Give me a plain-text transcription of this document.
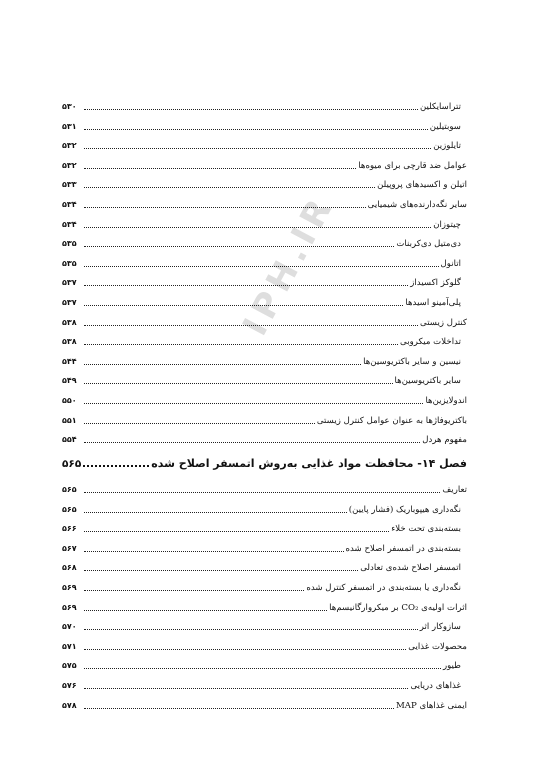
تتراسایکلین
۵۳۰
سوبتیلین
۵۳۱
تایلوزین
۵۳۲
عوامل ضد قارچی برای میوه‌ها
۵۳۲
اتیلن و اکسیدهای پروپیلن
۵۳۳
سایر نگه‌دارنده‌های شیمیایی
۵۳۴
چیتوزان
۵۳۴
دی‌متیل دی‌کربنات
۵۳۵
اتانول
۵۳۵
گلوکز اکسیداز
۵۳۷
پلی‌آمینو اسیدها
۵۳۷
کنترل زیستی
۵۳۸
تداخلات میکروبی
۵۳۸
نیسین و سایر باکتریوسین‌ها
۵۴۴
سایر باکتریوسین‌ها
۵۴۹
اندولایزین‌ها
۵۵۰
باکتریوفاژها به عنوان عوامل کنترل زیستی
۵۵۱
مفهوم هردل
۵۵۴
فصل ۱۴- محافظت مواد غذایی به‌روش اتمسفر اصلاح شده
۵۶۵
تعاریف
۵۶۵
نگه‌داری هیپوباریک (فشار پایین)
۵۶۵
بسته‌بندی تحت خلاء
۵۶۶
بسته‌بندی در اتمسفر اصلاح شده
۵۶۷
اتمسفر اصلاح شده‌ی تعادلی
۵۶۸
نگه‌داری یا بسته‌بندی در اتمسفر کنترل شده
۵۶۹
اثرات اولیه‌ی CO₂ بر میکروارگانیسم‌ها
۵۶۹
سازوکار اثر
۵۷۰
محصولات غذایی
۵۷۱
طیور
۵۷۵
غذاهای دریایی
۵۷۶
ایمنی غذاهای MAP
۵۷۸
IPH.IR
